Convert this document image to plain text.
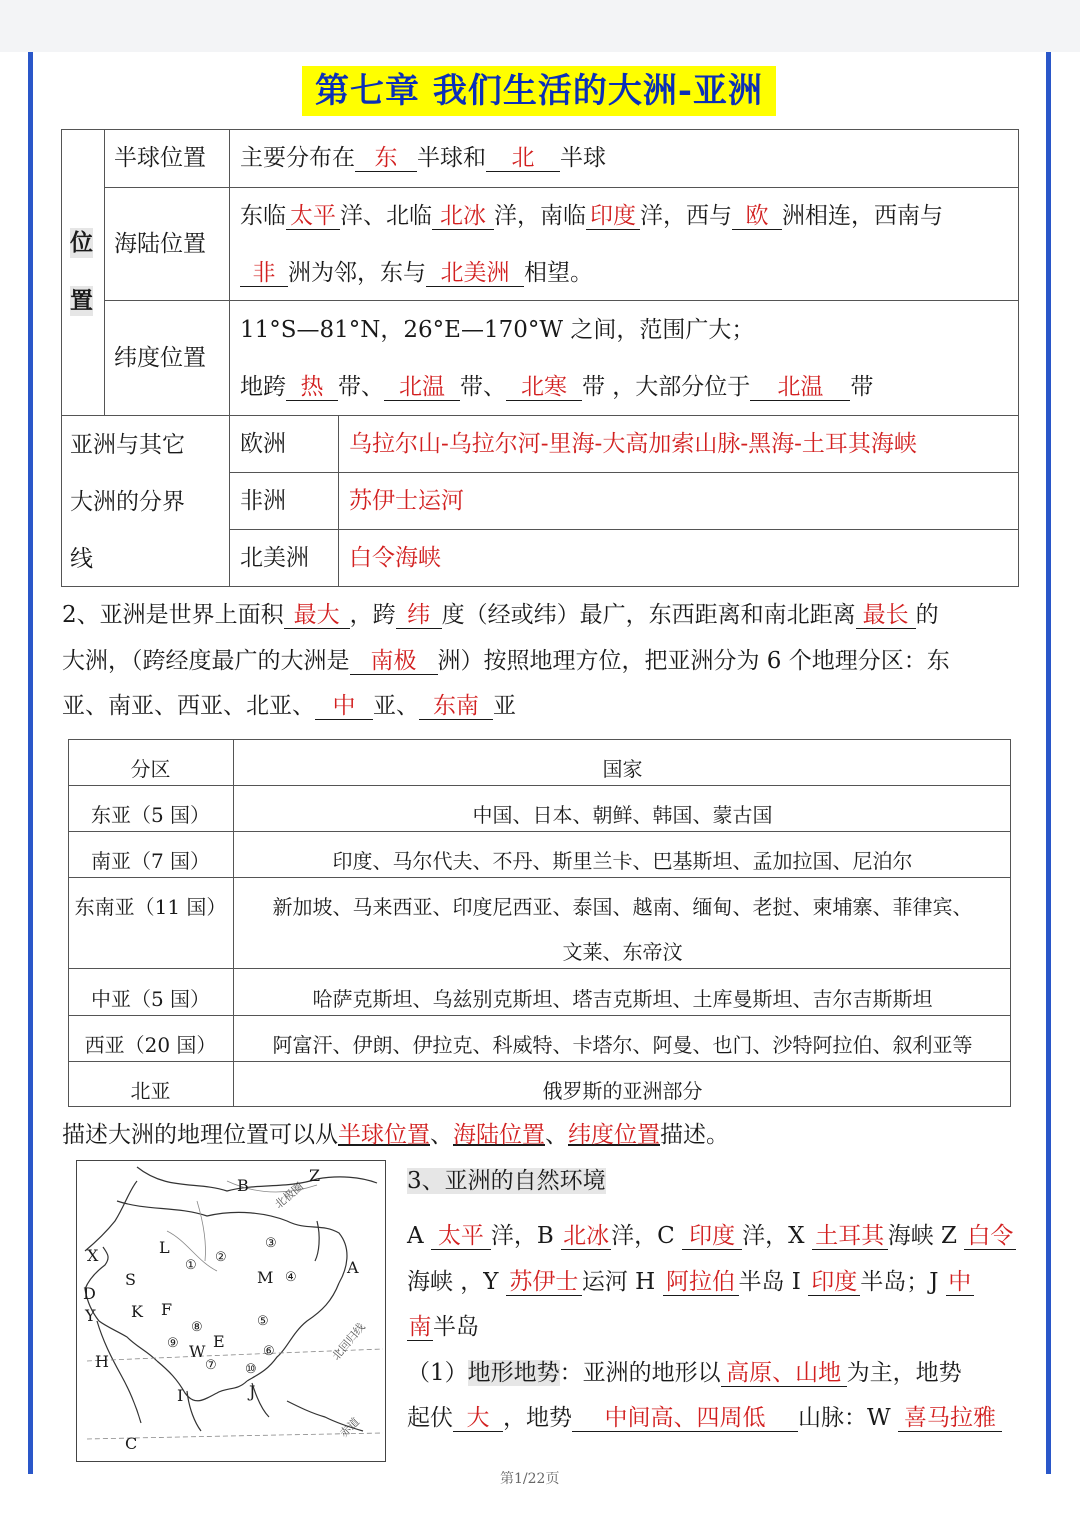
第七章 我们生活的大洲-亚洲
位
置
半球位置 主要分布在 东 半球和 北 半球
海陆位置
东临 太平 洋、北临 北冰 洋，南临 印度 洋，西与 欧 洲相连，西南与
非 洲为邻，东与 北美洲 相望。
纬度位置
11°S—81°N，26°E—170°W 之间，范围广大；
地跨 热 带、 北温 带、 北寒 带 ，大部分位于 北温 带
亚洲与其它
大洲的分界
线
欧洲	乌拉尔山-乌拉尔河-里海-大高加索山脉-黑海-土耳其海峡
非洲	苏伊士运河
北美洲 白令海峡
2、亚洲是世界上面积 最大 ，跨 纬 度（经或纬）最广，东西距离和南北距离 最长 的
大洲，（跨经度最广的大洲是 南极 洲）按照地理方位，把亚洲分为 6 个地理分区：东
亚、南亚、西亚、北亚、 中 亚、 东南 亚
分区	国家
东亚（5 国）	中国、日本、朝鲜、韩国、蒙古国
南亚（7 国）	印度、马尔代夫、不丹、斯里兰卡、巴基斯坦、孟加拉国、尼泊尔
东南亚（11 国）	新加坡、马来西亚、印度尼西亚、泰国、越南、缅甸、老挝、柬埔寨、菲律宾、
文莱、东帝汶
中亚（5 国）	哈萨克斯坦、乌兹别克斯坦、塔吉克斯坦、土库曼斯坦、吉尔吉斯斯坦
西亚（20 国）	阿富汗、伊朗、伊拉克、科威特、卡塔尔、阿曼、也门、沙特阿拉伯、叙利亚等
北亚	俄罗斯的亚洲部分
描述大洲的地理位置可以从半球位置、海陆位置、纬度位置描述。
B
Z
A
X
D
Y
S
L
M
K F
W
E
H
I	J
C
①
②
③
④
⑤
⑥
⑦
⑧
⑨
⑩
北回归线
赤道
北极圈	3、亚洲的自然环境
A 太平 洋，B 北冰洋，C 印度 洋，X 土耳其 海峡 Z 白令
海峡 ，Y 苏伊士 运河 H 阿拉伯 半岛 I 印度 半岛；J 中
南半岛
（1）地形地势：亚洲的地形以 高原、山地 为主，地势
起伏 大 ，地势 中间高、四周低 山脉：W 喜马拉雅
第1/22页
